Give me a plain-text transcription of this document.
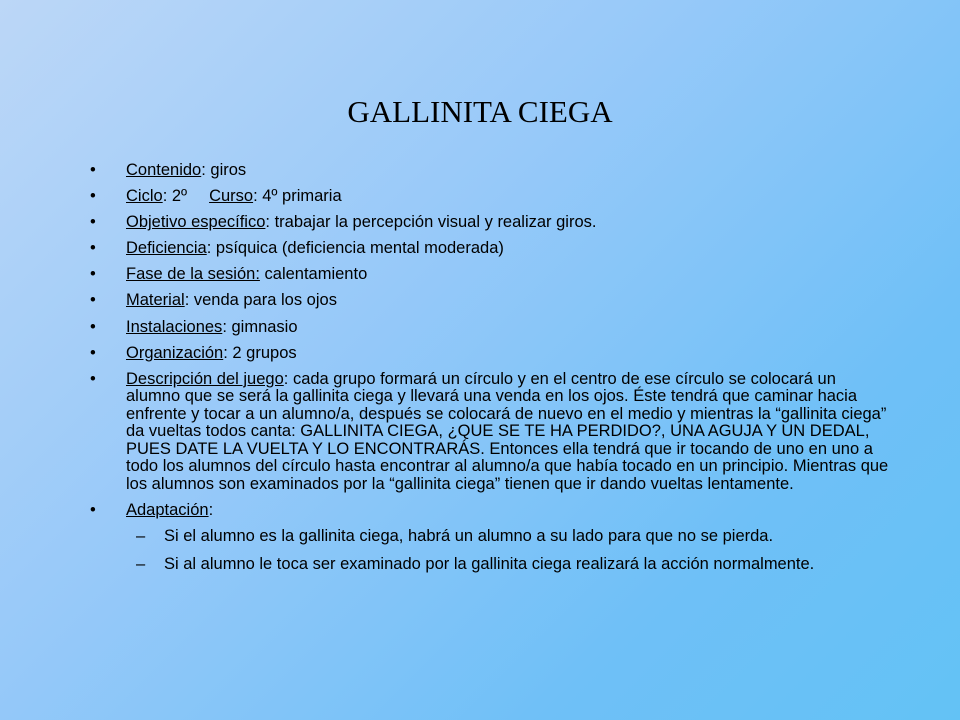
GALLINITA CIEGA
•	Contenido: giros
•	Ciclo: 2º Curso: 4º primaria
•	Objetivo específico: trabajar la percepción visual y realizar giros.
•	Deficiencia: psíquica (deficiencia mental moderada)
•	Fase de la sesión: calentamiento
•	Material: venda para los ojos
•	Instalaciones: gimnasio
•	Organización: 2 grupos
•	Descripción del juego: cada grupo formará un círculo y en el centro de ese círculo se colocará un alumno que se será la gallinita ciega y llevará una venda en los ojos. Éste tendrá que caminar hacia enfrente y tocar a un alumno/a, después se colocará de nuevo en el medio y mientras la “gallinita ciega” da vueltas todos canta: GALLINITA CIEGA, ¿QUE SE TE HA PERDIDO?, UNA AGUJA Y UN DEDAL, PUES DATE LA VUELTA Y LO ENCONTRARÁS. Entonces ella tendrá que ir tocando de uno en uno a todo los alumnos del círculo hasta encontrar al alumno/a que había tocado en un principio. Mientras que los alumnos son examinados por la “gallinita ciega” tienen que ir dando vueltas lentamente.
•	Adaptación:
– Si el alumno es la gallinita ciega, habrá un alumno a su lado para que no se pierda.
– Si al alumno le toca ser examinado por la gallinita ciega realizará la acción normalmente.
